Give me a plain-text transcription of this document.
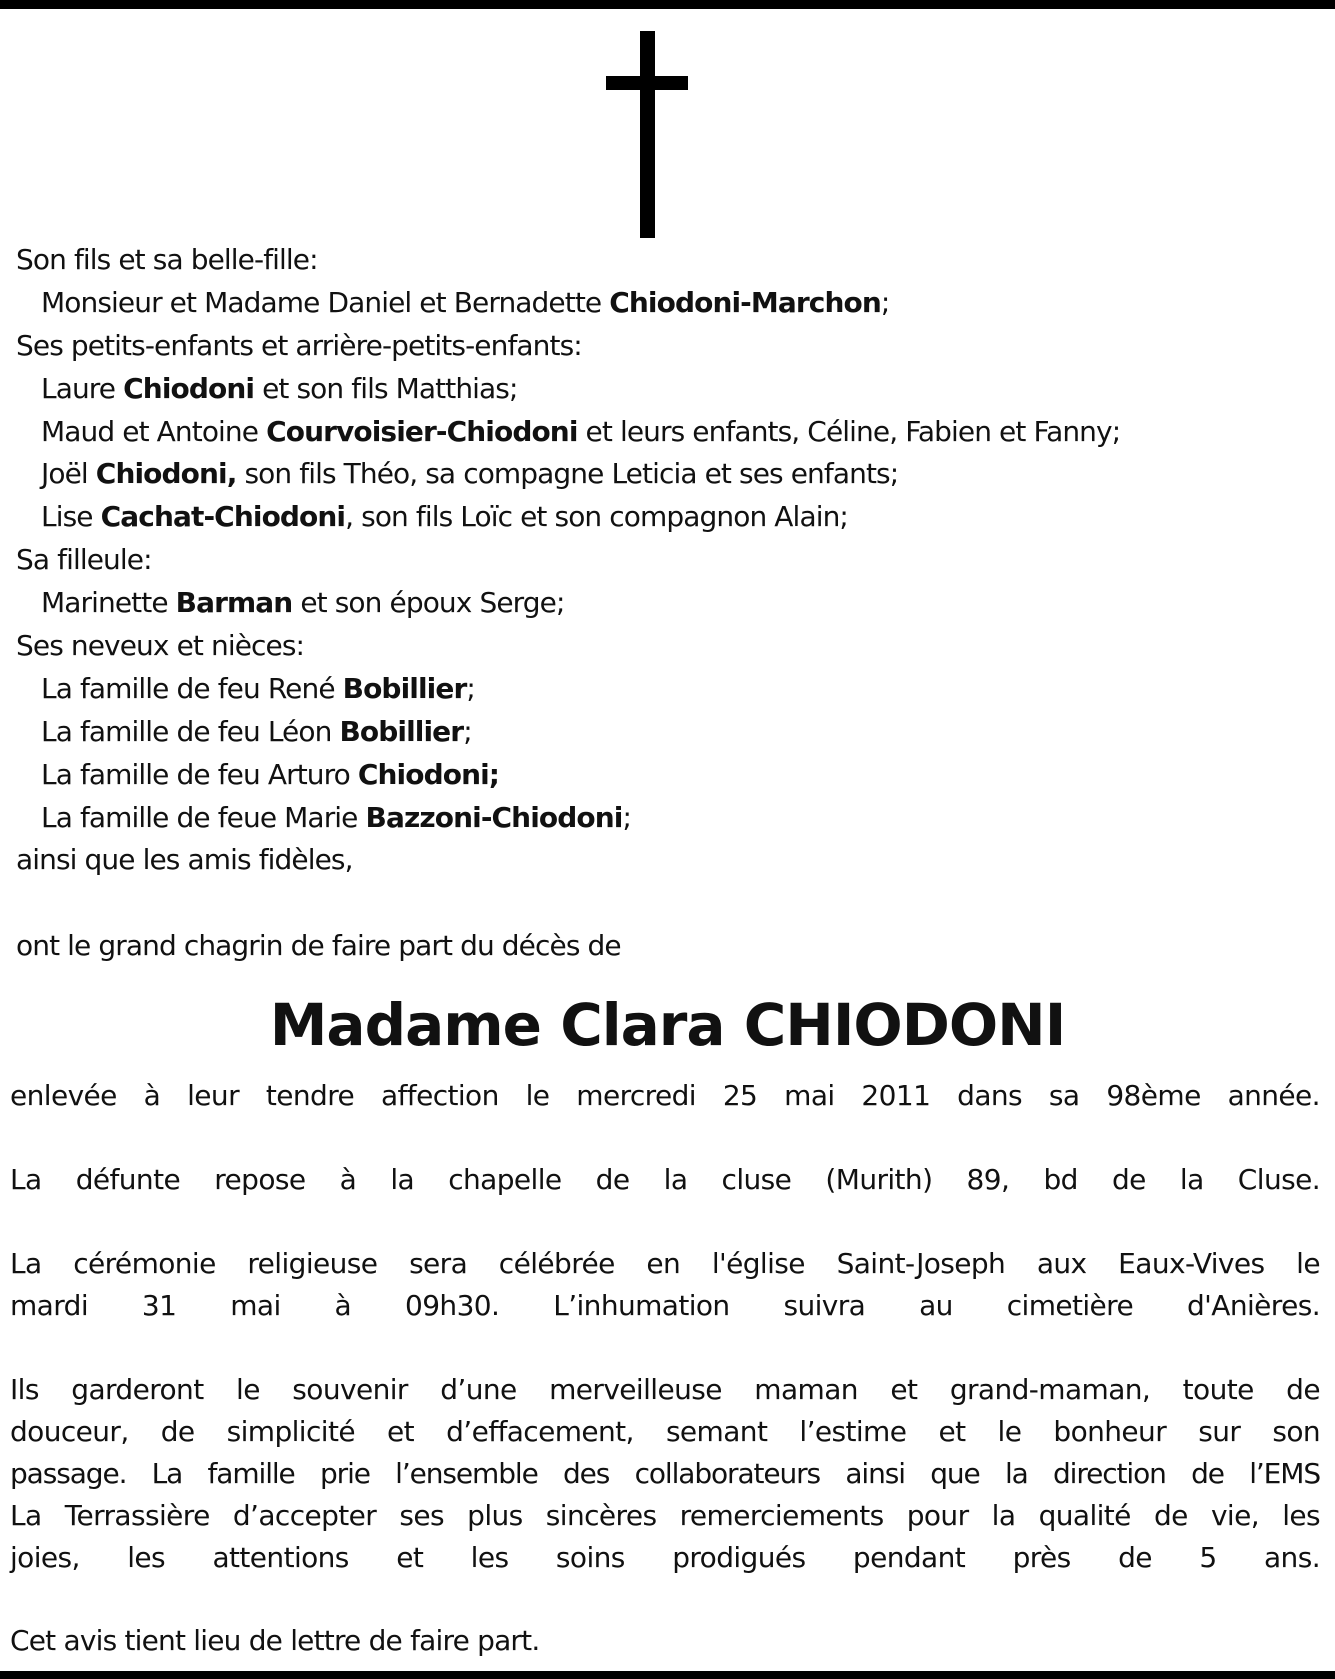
Son fils et sa belle-fille:
Monsieur et Madame Daniel et Bernadette Chiodoni-Marchon;
Ses petits-enfants et arrière-petits-enfants:
Laure Chiodoni et son fils Matthias;
Maud et Antoine Courvoisier-Chiodoni et leurs enfants, Céline, Fabien et Fanny;
Joël Chiodoni, son fils Théo, sa compagne Leticia et ses enfants;
Lise Cachat-Chiodoni, son fils Loïc et son compagnon Alain;
Sa filleule:
Marinette Barman et son époux Serge;
Ses neveux et nièces:
La famille de feu René Bobillier;
La famille de feu Léon Bobillier;
La famille de feu Arturo Chiodoni;
La famille de feue Marie Bazzoni-Chiodoni;
ainsi que les amis fidèles,
ont le grand chagrin de faire part du décès de
Madame Clara CHIODONI
enlevée à leur tendre affection le mercredi 25 mai 2011 dans sa 98ème année.
La défunte repose à la chapelle de la cluse (Murith) 89, bd de la Cluse.
La cérémonie religieuse sera célébrée en l'église Saint-Joseph aux Eaux-Vives le
mardi 31 mai à 09h30. L’inhumation suivra au cimetière d'Anières.
Ils garderont le souvenir d’une merveilleuse maman et grand-maman, toute de
douceur, de simplicité et d’effacement, semant l’estime et le bonheur sur son
passage. La famille prie l’ensemble des collaborateurs ainsi que la direction de l’EMS
La Terrassière d’accepter ses plus sincères remerciements pour la qualité de vie, les
joies, les attentions et les soins prodigués pendant près de 5 ans.
Cet avis tient lieu de lettre de faire part.
